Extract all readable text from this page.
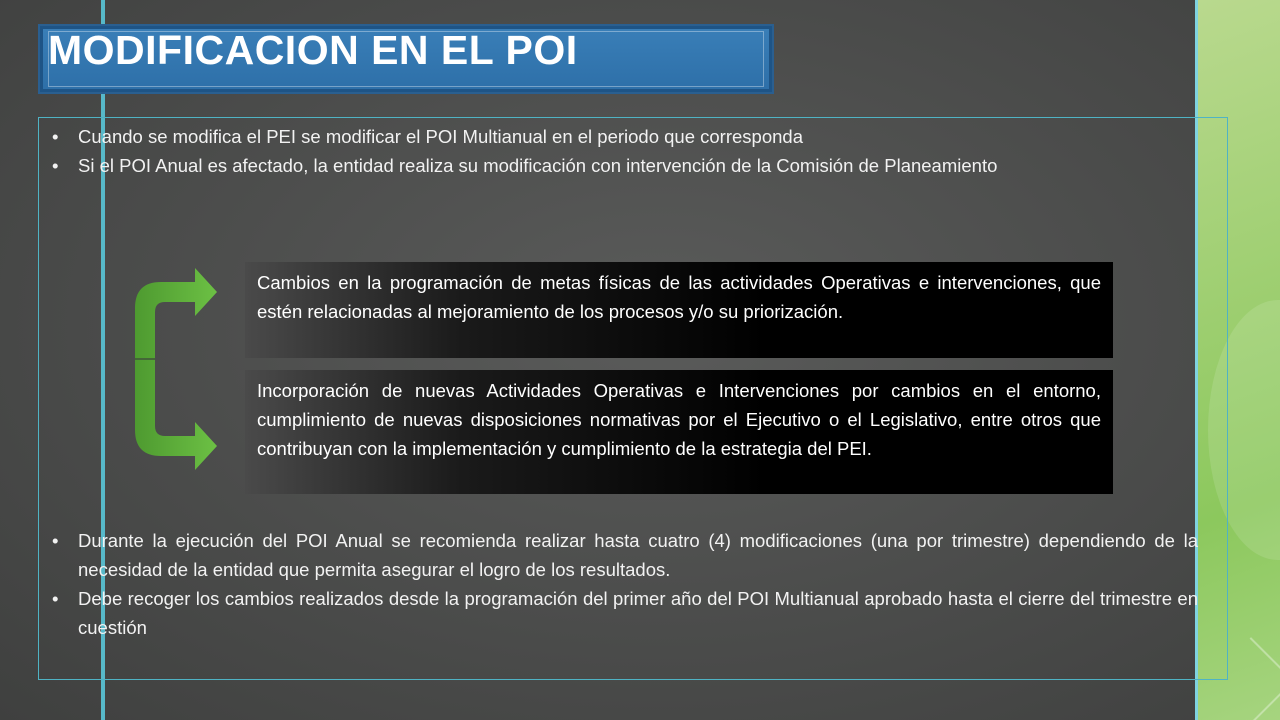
MODIFICACION EN EL POI
• Cuando se modifica el PEI se modificar el POI Multianual en el periodo que corresponda
• Si el POI Anual es afectado, la entidad realiza su modificación con intervención de la Comisión de Planeamiento
Cambios en la programación de metas físicas de las actividades Operativas e intervenciones, que estén relacionadas al mejoramiento de los procesos y/o su priorización.
Incorporación de nuevas Actividades Operativas e Intervenciones por cambios en el entorno, cumplimiento de nuevas disposiciones normativas por el Ejecutivo o el Legislativo, entre otros que contribuyan con la implementación y cumplimiento de la estrategia del PEI.
• Durante la ejecución del POI Anual se recomienda realizar hasta cuatro (4) modificaciones (una por trimestre) dependiendo de la necesidad de la entidad que permita asegurar el logro de los resultados.
• Debe recoger los cambios realizados desde la programación del primer año del POI Multianual aprobado hasta el cierre del trimestre en cuestión
